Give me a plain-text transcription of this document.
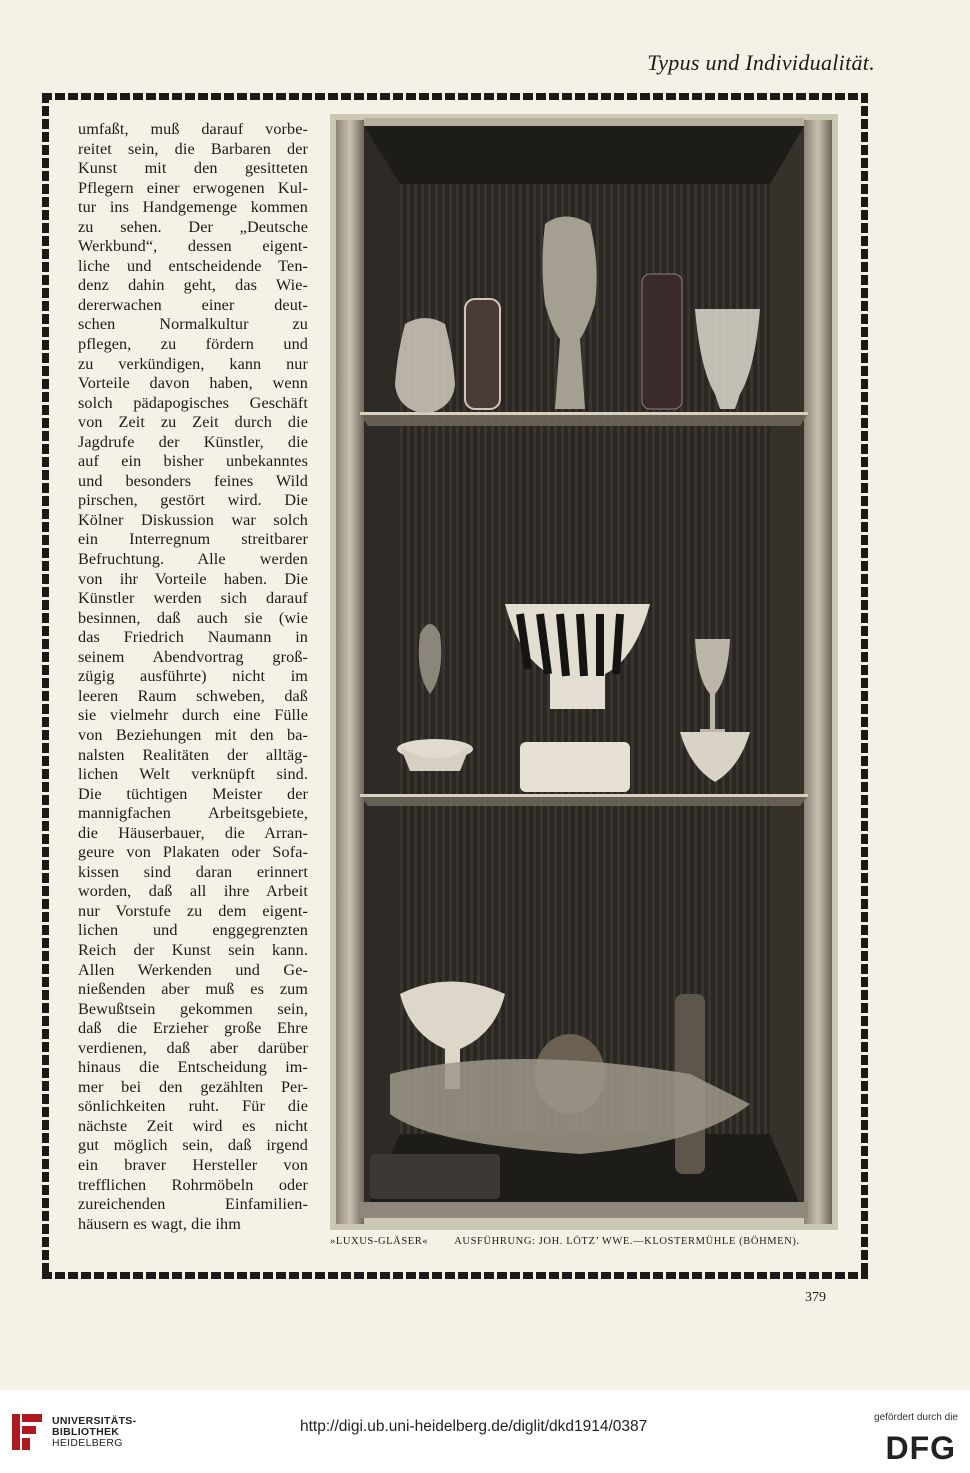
Typus und Individualität.
umfaßt, muß darauf vorbe-
reitet sein, die Barbaren der
Kunst mit den gesitteten
Pflegern einer erwogenen Kul-
tur ins Handgemenge kommen
zu sehen. Der „Deutsche
Werkbund“, dessen eigent-
liche und entscheidende Ten-
denz dahin geht, das Wie-
dererwachen einer deut-
schen Normalkultur zu
pflegen, zu fördern und
zu verkündigen, kann nur
Vorteile davon haben, wenn
solch pädapogisches Geschäft
von Zeit zu Zeit durch die
Jagdrufe der Künstler, die
auf ein bisher unbekanntes
und besonders feines Wild
pirschen, gestört wird. Die
Kölner Diskussion war solch
ein Interregnum streitbarer
Befruchtung. Alle werden
von ihr Vorteile haben. Die
Künstler werden sich darauf
besinnen, daß auch sie (wie
das Friedrich Naumann in
seinem Abendvortrag groß-
zügig ausführte) nicht im
leeren Raum schweben, daß
sie vielmehr durch eine Fülle
von Beziehungen mit den ba-
nalsten Realitäten der alltäg-
lichen Welt verknüpft sind.
Die tüchtigen Meister der
mannigfachen Arbeitsgebiete,
die Häuserbauer, die Arran-
geure von Plakaten oder Sofa-
kissen sind daran erinnert
worden, daß all ihre Arbeit
nur Vorstufe zu dem eigent-
lichen und enggegrenzten
Reich der Kunst sein kann.
Allen Werkenden und Ge-
nießenden aber muß es zum
Bewußtsein gekommen sein,
daß die Erzieher große Ehre
verdienen, daß aber darüber
hinaus die Entscheidung im-
mer bei den gezählten Per-
sönlichkeiten ruht. Für die
nächste Zeit wird es nicht
gut möglich sein, daß irgend
ein braver Hersteller von
trefflichen Rohrmöbeln oder
zureichenden Einfamilien-
häusern es wagt, die ihm
»LUXUS-GLÄSER« AUSFÜHRUNG: JOH. LÖTZ’ WWE.—KLOSTERMÜHLE (BÖHMEN).
379
UNIVERSITÄTS-
BIBLIOTHEK
HEIDELBERG
http://digi.ub.uni-heidelberg.de/diglit/dkd1914/0387
gefördert durch die
DFG
